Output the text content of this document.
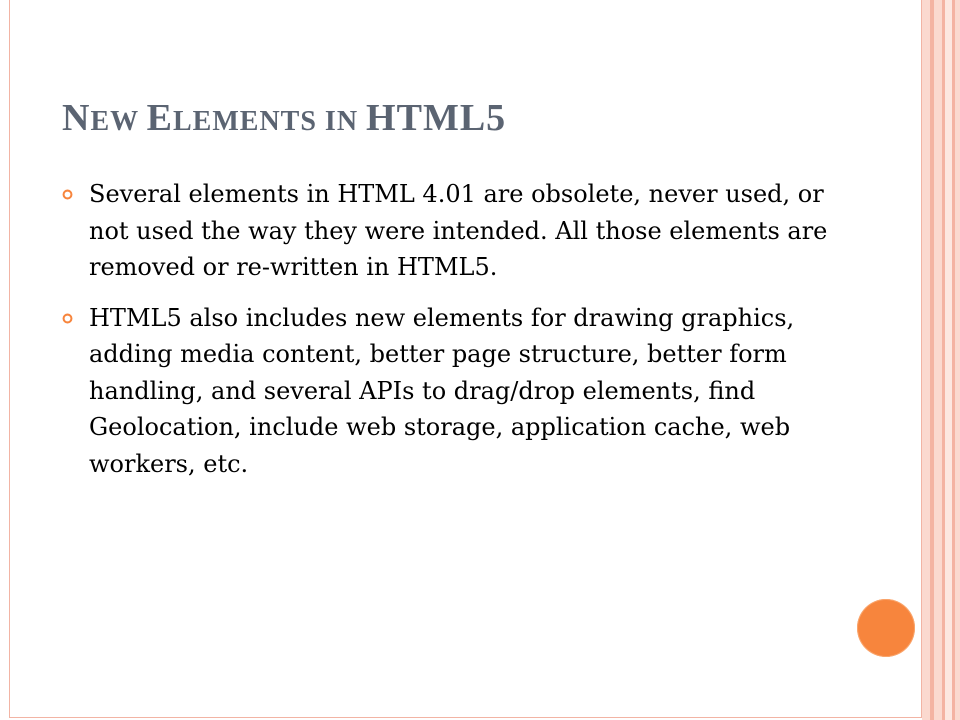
NEW ELEMENTS IN HTML5
Several elements in HTML 4.01 are obsolete, never used, or not used the way they were intended. All those elements are removed or re-written in HTML5.
HTML5 also includes new elements for drawing graphics, adding media content, better page structure, better form handling, and several APIs to drag/drop elements, find Geolocation, include web storage, application cache, web workers, etc.
